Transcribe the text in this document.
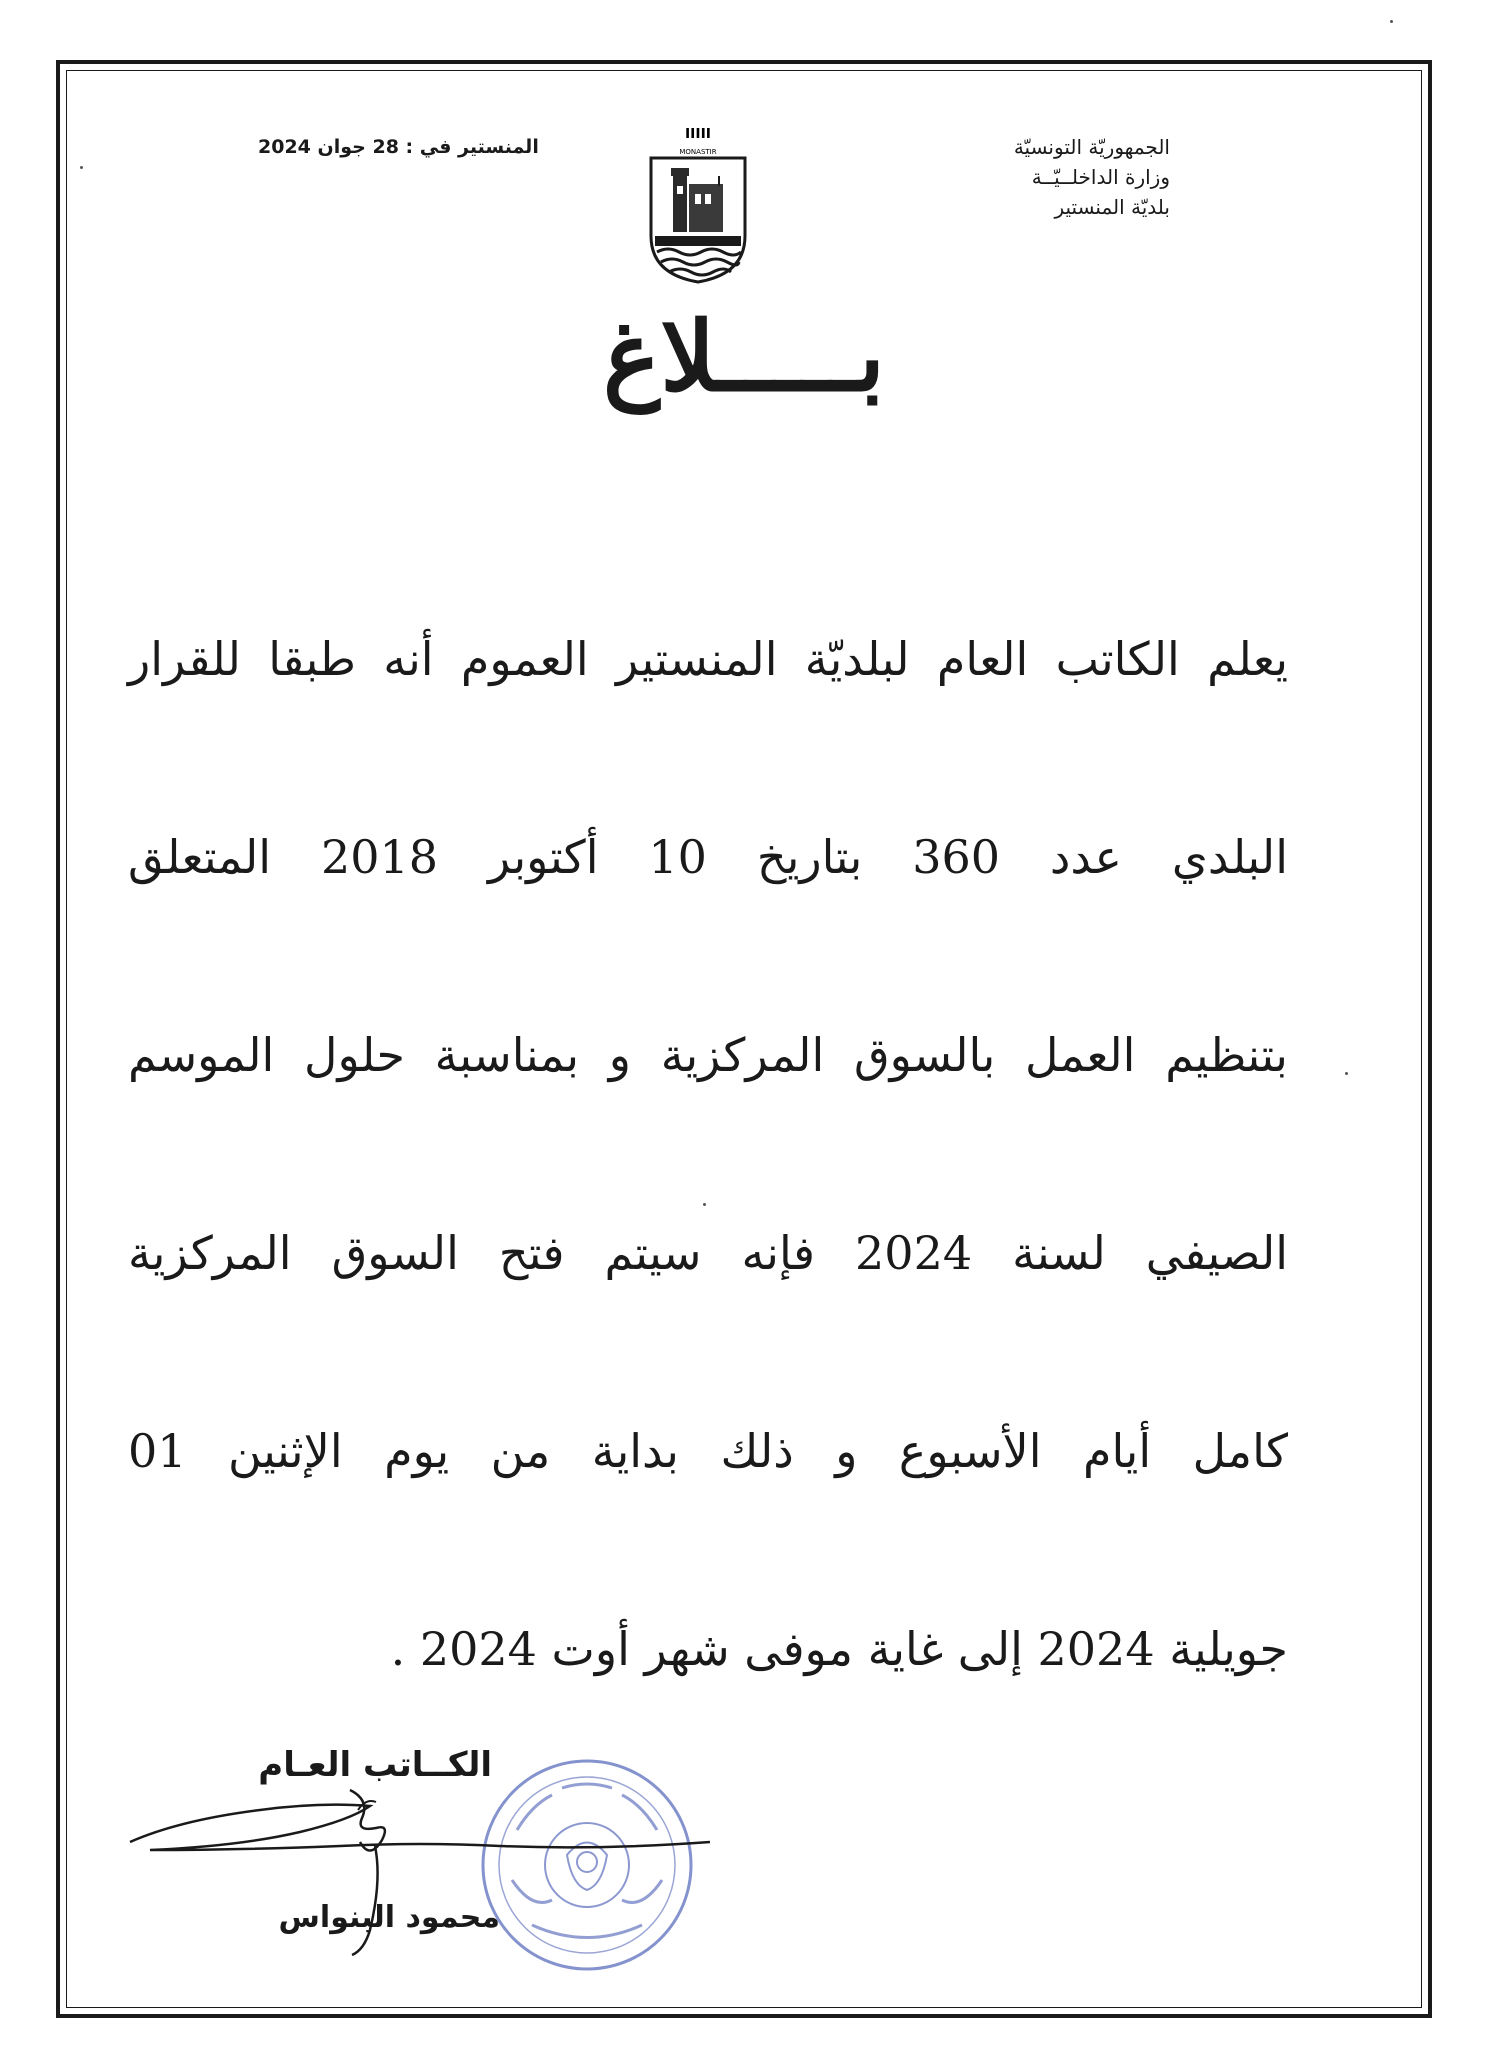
الجمهوريّة التونسيّة
وزارة الداخلــيّــة
بلديّة المنستير
المنستير في : 28 جوان 2024
ⵏⵏⵏⵏⵏ
MONASTIR
بـــــلاغ
يعلم الكاتب العام لبلديّة المنستير العموم أنه طبقا للقرار
البلدي عدد 360 بتاريخ 10 أكتوبر 2018 المتعلق
بتنظيم العمل بالسوق المركزية و بمناسبة حلول الموسم
الصيفي لسنة 2024 فإنه سيتم فتح السوق المركزية
كامل أيام الأسبوع و ذلك بداية من يوم الإثنين 01
جويلية 2024 إلى غاية موفى شهر أوت 2024 .
الكــاتب العـام
محمود البنواس
